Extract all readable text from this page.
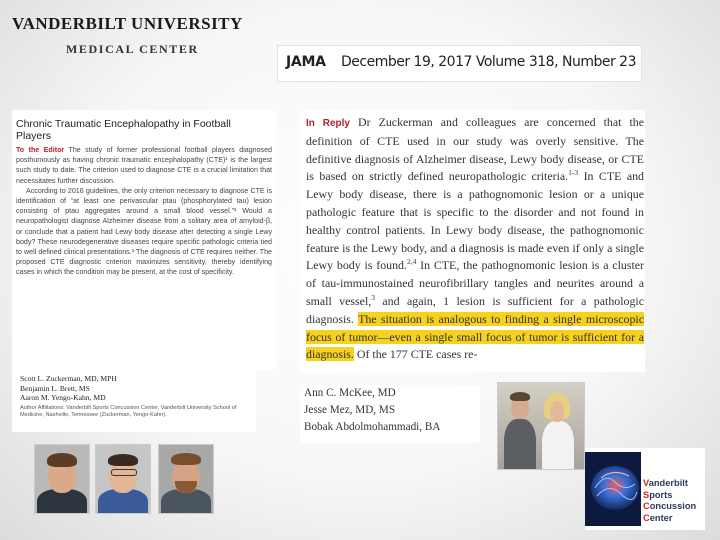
VANDERBILT UNIVERSITY
MEDICAL CENTER
JAMA December 19, 2017 Volume 318, Number 23
Chronic Traumatic Encephalopathy in Football Players
To the Editor The study of former professional football players diagnosed posthumously as having chronic traumatic encephalopathy (CTE)¹ is the largest such study to date. The criterion used to diagnose CTE is a crucial limitation that necessitates further discussion.
According to 2016 guidelines, the only criterion necessary to diagnose CTE is identification of “at least one perivascular ptau (phosphorylated tau) lesion consisting of ptau aggregates around a small blood vessel.”² Would a neuropathologist diagnose Alzheimer disease from a solitary area of amyloid-β, or conclude that a patient had Lewy body disease after detecting a single Lewy body? These neurodegenerative diseases require specific pathologic criteria tied to well defined clinical presentations.³ The diagnosis of CTE requires neither. The proposed CTE diagnostic criterion maximizes sensitivity, thereby identifying cases in which the condition may be present, at the cost of specificity.
Scott L. Zuckerman, MD, MPH
Benjamin L. Brett, MS
Aaron M. Yengo-Kahn, MD
Author Affiliations: Vanderbilt Sports Concussion Center, Vanderbilt University School of Medicine, Nashville, Tennessee (Zuckerman, Yengo-Kahn).
In Reply Dr Zuckerman and colleagues are concerned that the definition of CTE used in our study was overly sensitive. The definitive diagnosis of Alzheimer disease, Lewy body disease, or CTE is based on strictly defined neuropathologic criteria.$^{1-3}$ In CTE and Lewy body disease, there is a pathognomonic lesion or a unique pathologic feature that is specific to the disorder and not found in healthy control patients. In Lewy body disease, the pathognomonic feature is the Lewy body, and a diagnosis is made even if only a single Lewy body is found.$^{2,4}$ In CTE, the pathognomonic lesion is a cluster of tau-immunostained neurofibrillary tangles and neurites around a small vessel,$^3$ and again, 1 lesion is sufficient for a pathologic diagnosis. The situation is analogous to finding a single microscopic focus of tumor—even a single small focus of tumor is sufficient for a diagnosis. Of the 177 CTE cases re-
Ann C. McKee, MD
Jesse Mez, MD, MS
Bobak Abdolmohammadi, BA
Vanderbilt
Sports
Concussion
Center
